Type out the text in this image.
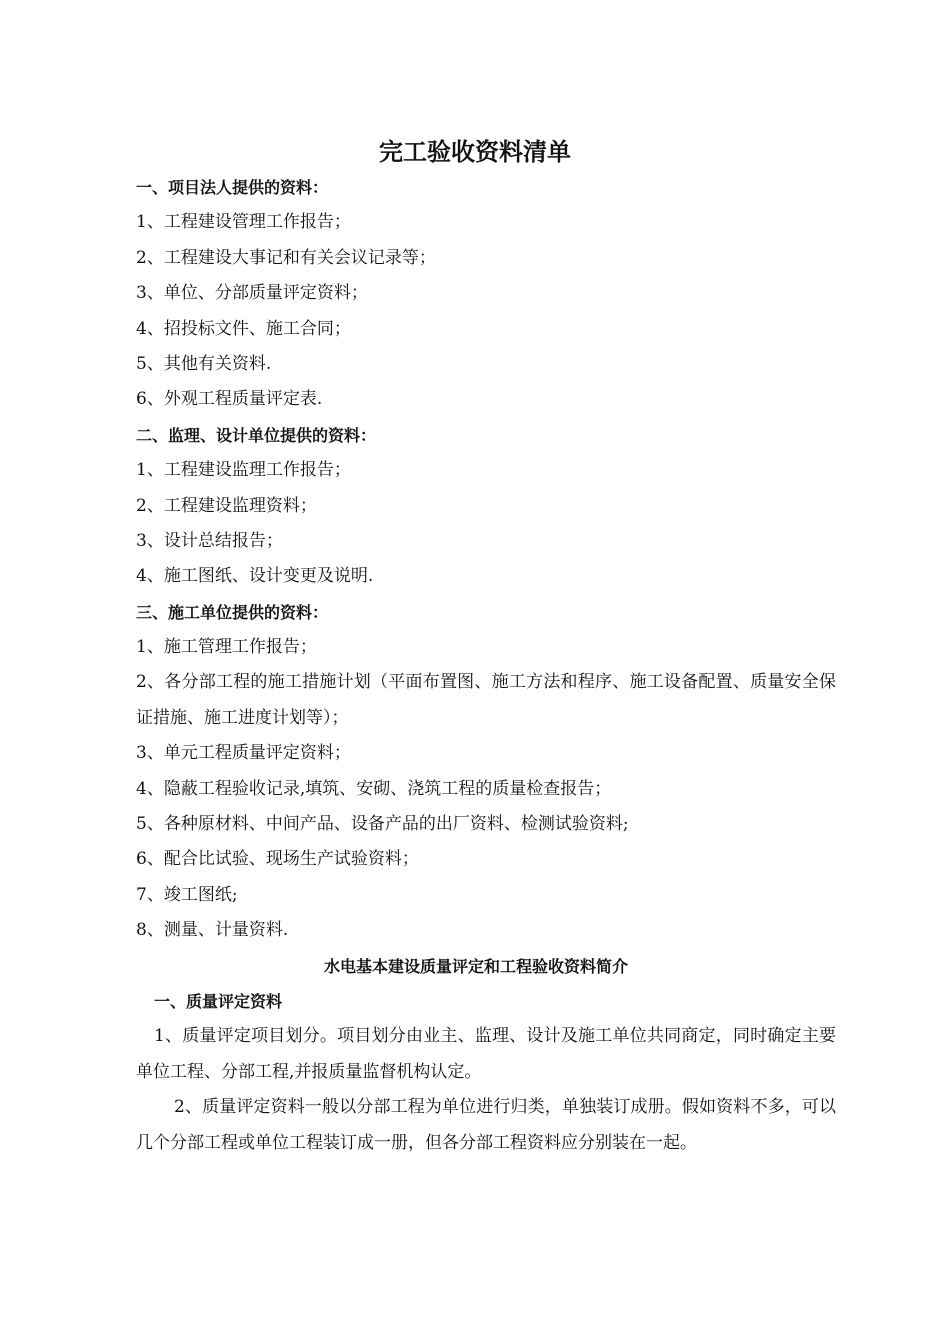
完工验收资料清单
一、项目法人提供的资料：
1、工程建设管理工作报告；
2、工程建设大事记和有关会议记录等；
3、单位、分部质量评定资料；
4、招投标文件、施工合同；
5、其他有关资料.
6、外观工程质量评定表.
二、监理、设计单位提供的资料：
1、工程建设监理工作报告；
2、工程建设监理资料；
3、设计总结报告；
4、施工图纸、设计变更及说明.
三、施工单位提供的资料：
1、施工管理工作报告；
2、各分部工程的施工措施计划（平面布置图、施工方法和程序、施工设备配置、质量安全保证措施、施工进度计划等）；
3、单元工程质量评定资料；
4、隐蔽工程验收记录,填筑、安砌、浇筑工程的质量检查报告；
5、各种原材料、中间产品、设备产品的出厂资料、检测试验资料;
6、配合比试验、现场生产试验资料；
7、竣工图纸;
8、测量、计量资料.
水电基本建设质量评定和工程验收资料简介
一、质量评定资料
1、质量评定项目划分。项目划分由业主、监理、设计及施工单位共同商定，同时确定主要单位工程、分部工程,并报质量监督机构认定。
2、质量评定资料一般以分部工程为单位进行归类，单独装订成册。假如资料不多，可以几个分部工程或单位工程装订成一册，但各分部工程资料应分别装在一起。
